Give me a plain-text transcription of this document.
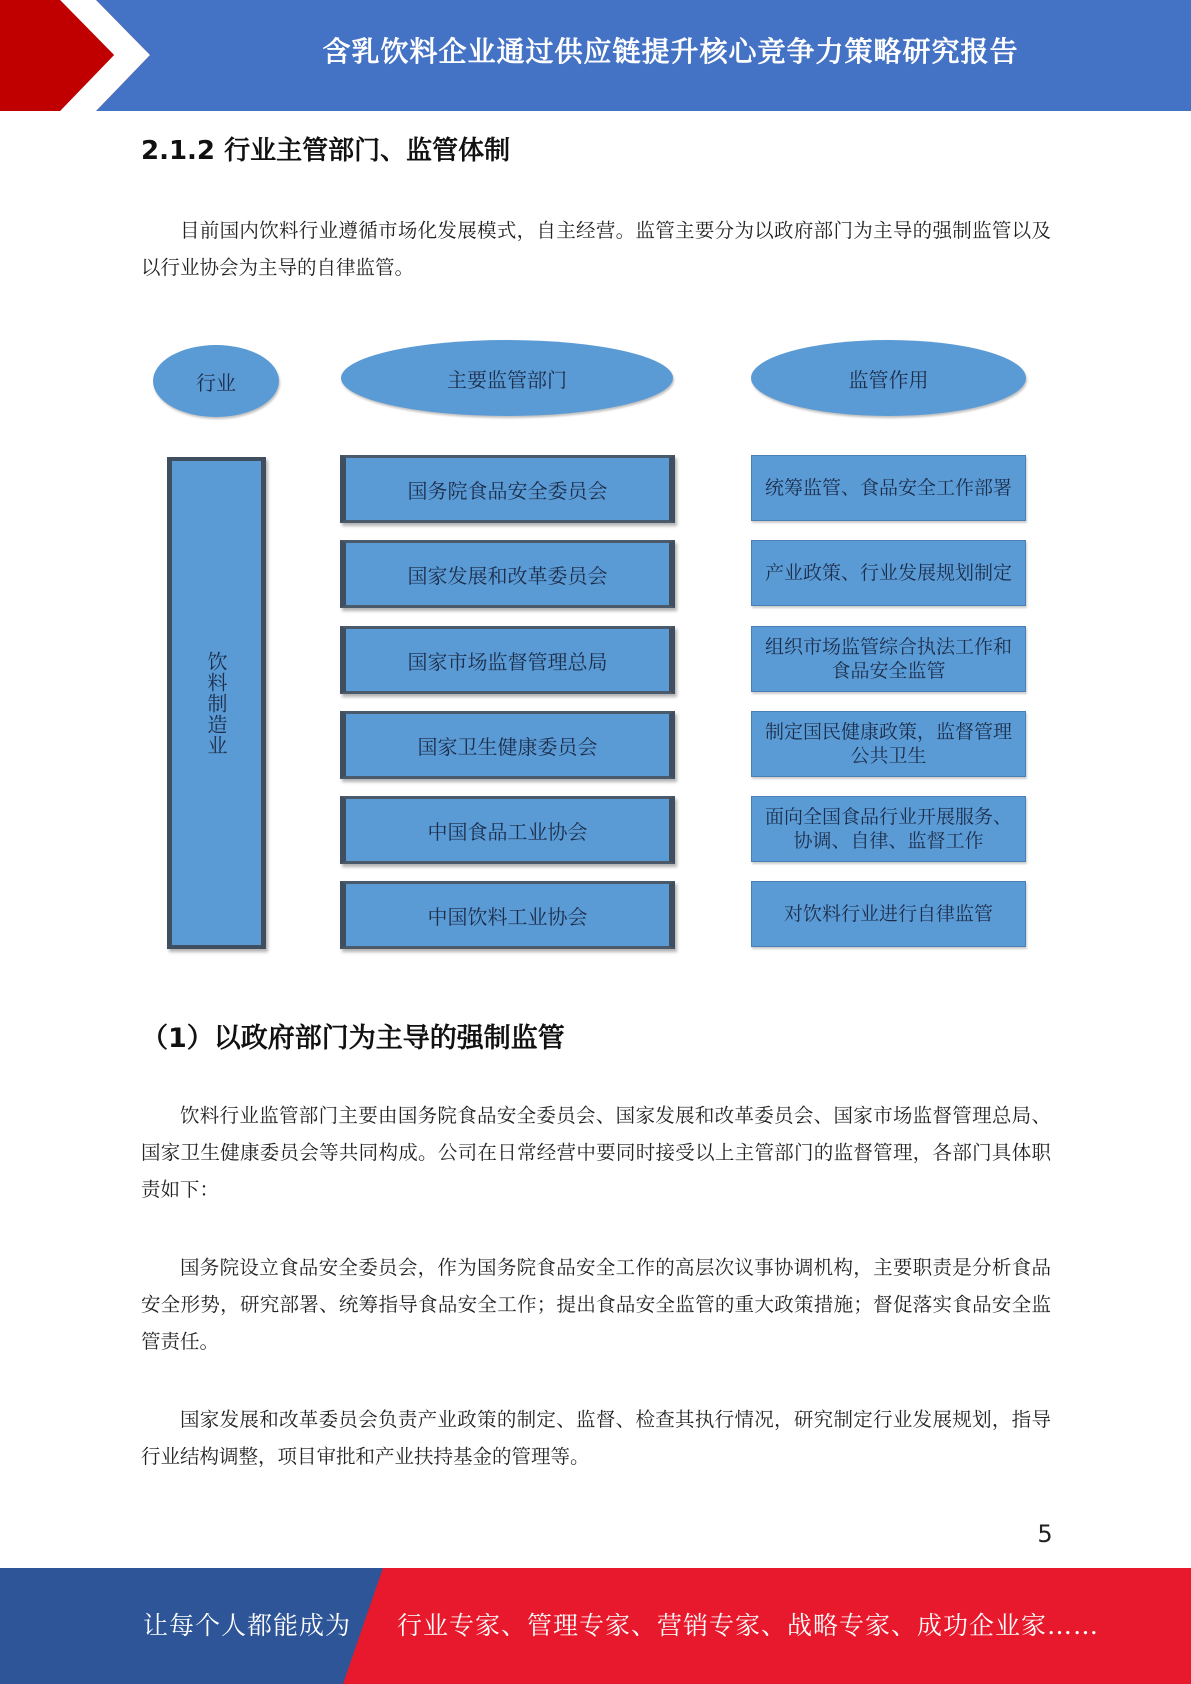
含乳饮料企业通过供应链提升核心竞争力策略研究报告
2.1.2 行业主管部门、监管体制

目前国内饮料行业遵循市场化发展模式，自主经营。监管主要分为以政府部门为主导的强制监管以及以行业协会为主导的自律监管。

行业	主要监管部门	监管作用
饮料制造业
国务院食品安全委员会
国家发展和改革委员会
国家市场监督管理总局
国家卫生健康委员会
中国食品工业协会
中国饮料工业协会
统筹监管、食品安全工作部署
产业政策、行业发展规划制定
组织市场监管综合执法工作和食品安全监管
制定国民健康政策，监督管理公共卫生
面向全国食品行业开展服务、协调、自律、监督工作
对饮料行业进行自律监管
（1）以政府部门为主导的强制监管

饮料行业监管部门主要由国务院食品安全委员会、国家发展和改革委员会、国家市场监督管理总局、国家卫生健康委员会等共同构成。公司在日常经营中要同时接受以上主管部门的监督管理，各部门具体职责如下：

国务院设立食品安全委员会，作为国务院食品安全工作的高层次议事协调机构，主要职责是分析食品安全形势，研究部署、统筹指导食品安全工作；提出食品安全监管的重大政策措施；督促落实食品安全监管责任。

国家发展和改革委员会负责产业政策的制定、监督、检查其执行情况，研究制定行业发展规划，指导行业结构调整，项目审批和产业扶持基金的管理等。

5
让每个人都能成为 行业专家、管理专家、营销专家、战略专家、成功企业家……
